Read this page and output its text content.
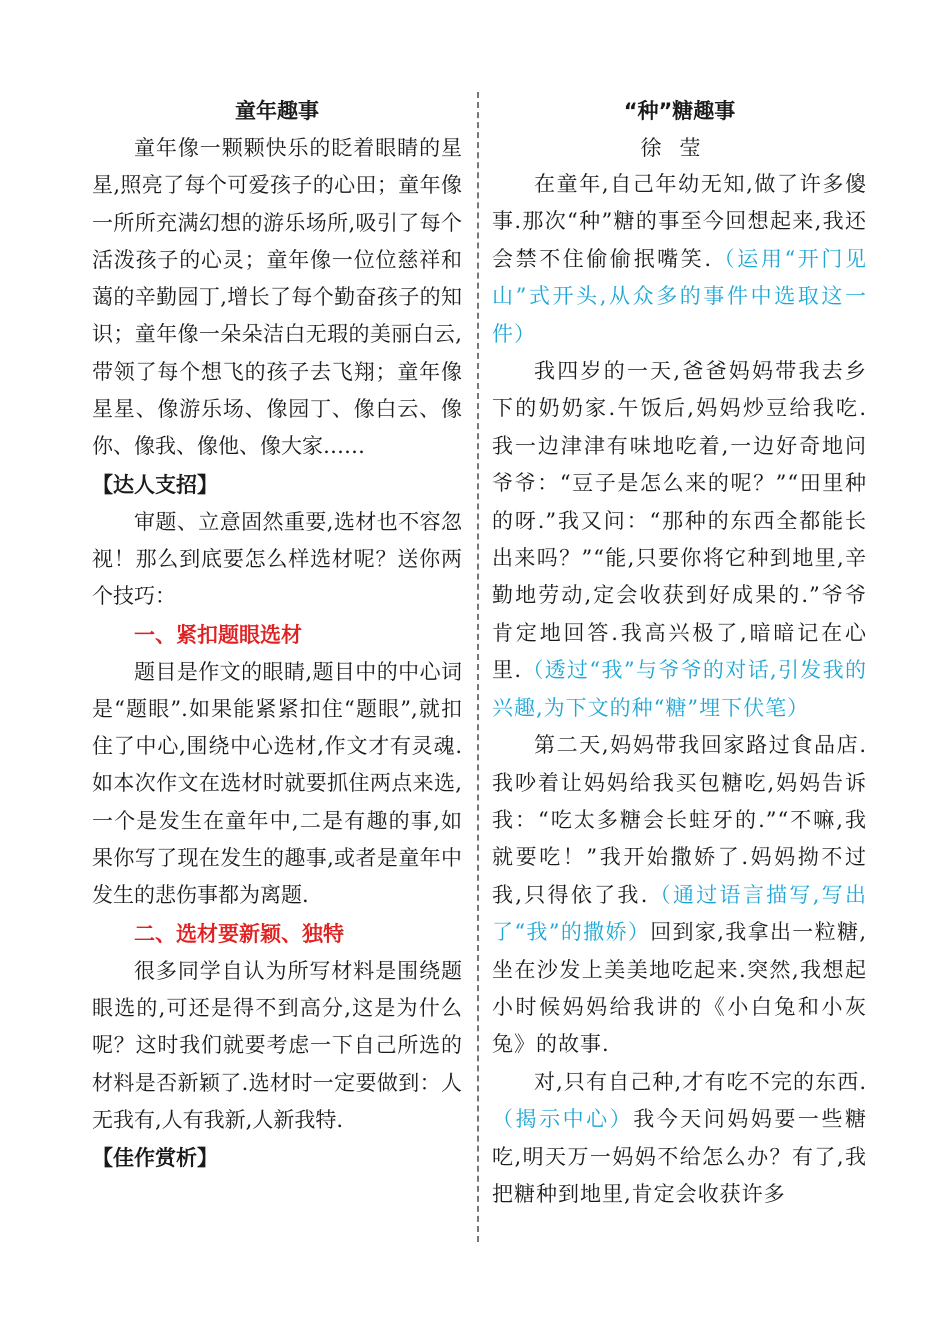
童年趣事

童年像一颗颗快乐的眨着眼睛的星星,照亮了每个可爱孩子的心田；童年像一所所充满幻想的游乐场所,吸引了每个活泼孩子的心灵；童年像一位位慈祥和蔼的辛勤园丁,增长了每个勤奋孩子的知识；童年像一朵朵洁白无瑕的美丽白云,带领了每个想飞的孩子去飞翔；童年像星星、像游乐场、像园丁、像白云、像你、像我、像他、像大家……

【达人支招】

审题、立意固然重要,选材也不容忽视！那么到底要怎么样选材呢？送你两个技巧：

一、紧扣题眼选材

题目是作文的眼睛,题目中的中心词是“题眼”.如果能紧紧扣住“题眼”,就扣住了中心,围绕中心选材,作文才有灵魂.如本次作文在选材时就要抓住两点来选,一个是发生在童年中,二是有趣的事,如果你写了现在发生的趣事,或者是童年中发生的悲伤事都为离题.

二、选材要新颖、独特

很多同学自认为所写材料是围绕题眼选的,可还是得不到高分,这是为什么呢？这时我们就要考虑一下自己所选的材料是否新颖了.选材时一定要做到：人无我有,人有我新,人新我特.

【佳作赏析】

“种”糖趣事

徐莹

在童年,自己年幼无知,做了许多傻事.那次“种”糖的事至今回想起来,我还会禁不住偷偷抿嘴笑.（运用“开门见山”式开头,从众多的事件中选取这一件）

我四岁的一天,爸爸妈妈带我去乡下的奶奶家.午饭后,妈妈炒豆给我吃.我一边津津有味地吃着,一边好奇地问爷爷：“豆子是怎么来的呢？”“田里种的呀.”我又问：“那种的东西全都能长出来吗？”“能,只要你将它种到地里,辛勤地劳动,定会收获到好成果的.”爷爷肯定地回答.我高兴极了,暗暗记在心里.（透过“我”与爷爷的对话,引发我的兴趣,为下文的种“糖”埋下伏笔）

第二天,妈妈带我回家路过食品店.我吵着让妈妈给我买包糖吃,妈妈告诉我：“吃太多糖会长蛀牙的.”“不嘛,我就要吃！”我开始撒娇了.妈妈拗不过我,只得依了我.（通过语言描写,写出了“我”的撒娇）回到家,我拿出一粒糖,坐在沙发上美美地吃起来.突然,我想起小时候妈妈给我讲的《小白兔和小灰兔》的故事.

对,只有自己种,才有吃不完的东西.（揭示中心）我今天问妈妈要一些糖吃,明天万一妈妈不给怎么办？有了,我把糖种到地里,肯定会收获许多
